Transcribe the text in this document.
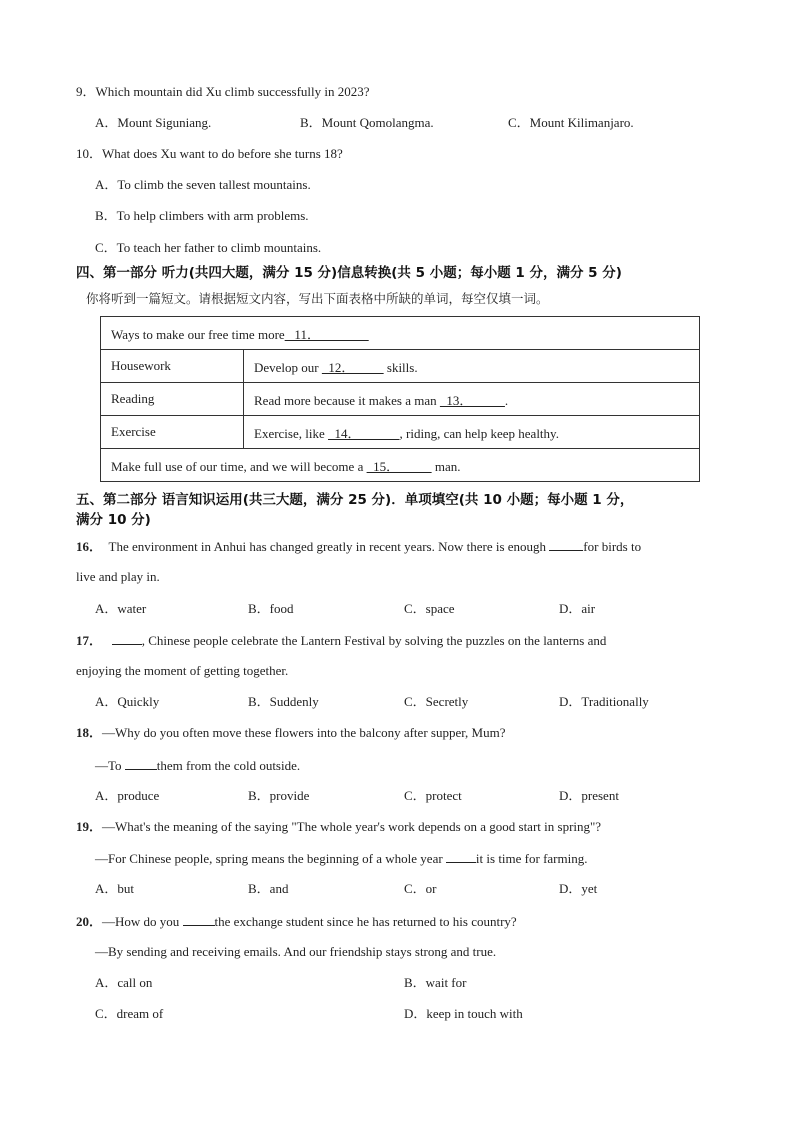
9．Which mountain did Xu climb successfully in 2023?
A．Mount Siguniang.	B．Mount Qomolangma.	C．Mount Kilimanjaro.
10．What does Xu want to do before she turns 18?
A．To climb the seven tallest mountains.
B．To help climbers with arm problems.
C．To teach her father to climb mountains.
四、第一部分 听力(共四大题，满分 15 分)信息转换(共 5 小题；每小题 1 分，满分 5 分)
你将听到一篇短文。请根据短文内容，写出下面表格中所缺的单词，每空仅填一词。
Ways to make our free time more   11．	
Housework	Develop our   12．          skills.
Reading	Read more because it makes a man   13．          .
Exercise	Exercise, like   14．            , riding, can help keep healthy.
Make full use of our time, and we will become a   15．           man.	
五、第二部分 语言知识运用(共三大题，满分 25 分)．单项填空(共 10 小题；每小题 1 分，
满分 10 分)
16． The environment in Anhui has changed greatly in recent years. Now there is enough	for birds to
live and play in.
A．water	B．food	C．space	D．air
17．	, Chinese people celebrate the Lantern Festival by solving the puzzles on the lanterns and
enjoying the moment of getting together.
A．Quickly	B．Suddenly	C．Secretly	D．Traditionally
18．—Why do you often move these flowers into the balcony after supper, Mum?
—To them from the cold outside.
A．produce	B．provide	C．protect	D．present
19．—What's the meaning of the saying "The whole year's work depends on a good start in spring"?
—For Chinese people, spring means the beginning of a whole year it is time for farming.
A．but	B．and	C．or	D．yet
20．—How do you the exchange student since he has returned to his country?
—By sending and receiving emails. And our friendship stays strong and true.
A．call on	B．wait for
C．dream of	D．keep in touch with
